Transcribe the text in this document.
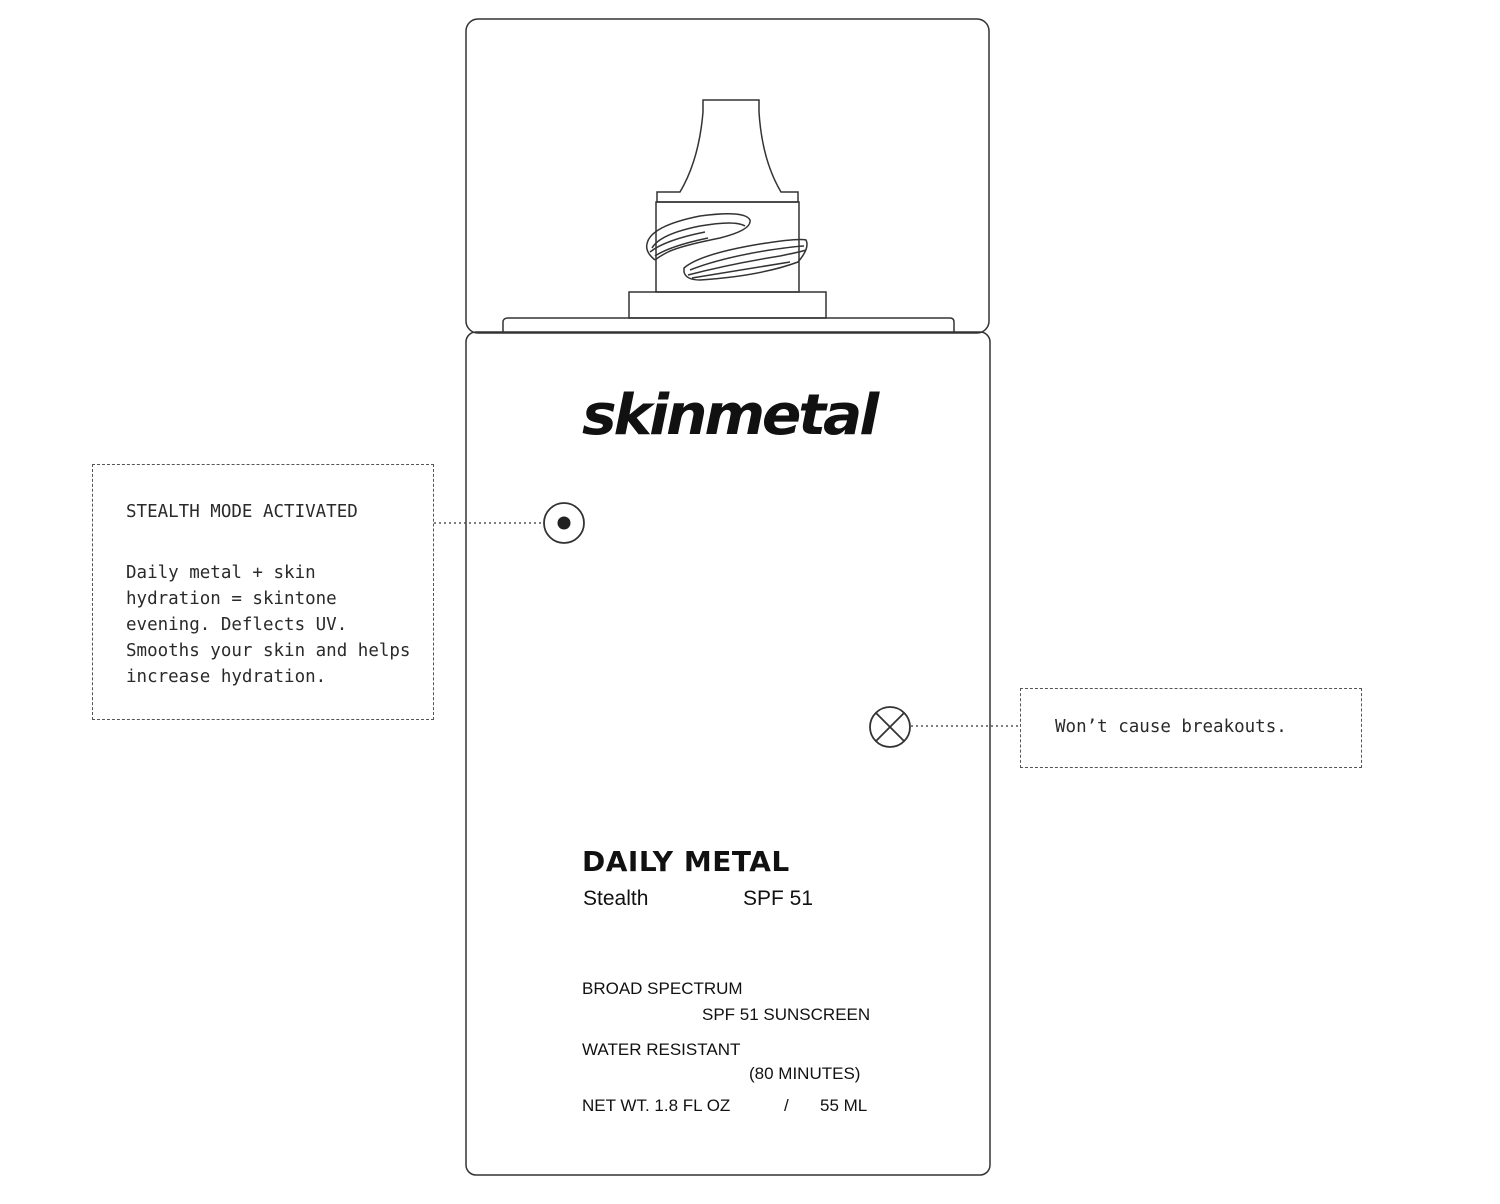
skinmetal
DAILY METAL
Stealth	SPF 51
BROAD SPECTRUM
SPF 51 SUNSCREEN
WATER RESISTANT
(80 MINUTES)
NET WT. 1.8 FL OZ	/ 55 ML
STEALTH MODE ACTIVATED
Daily metal + skin hydration = skintone evening. Deflects UV. Smooths your skin and helps increase hydration.
Won’t cause breakouts.
